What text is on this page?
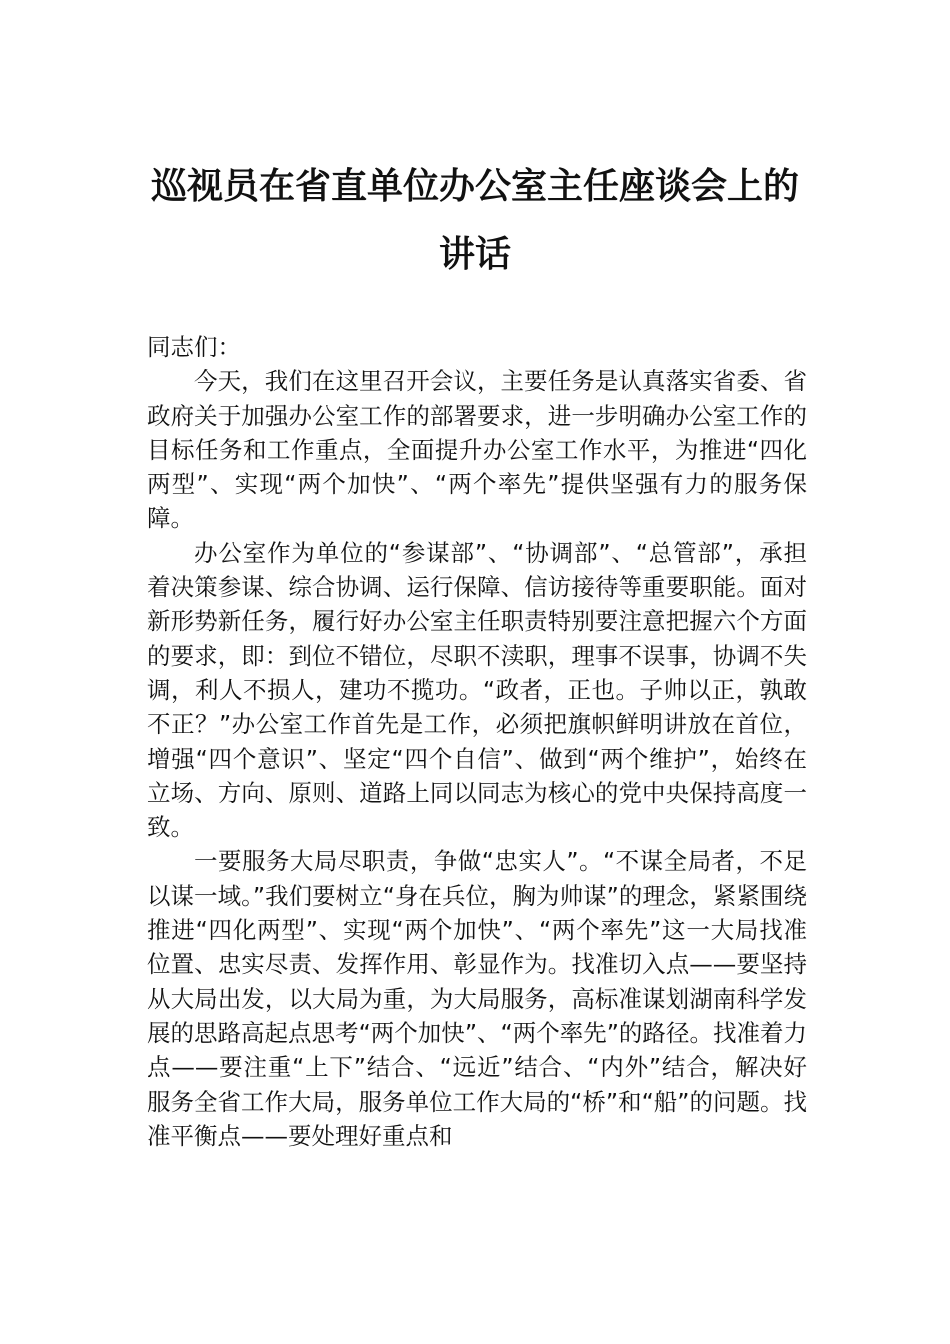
巡视员在省直单位办公室主任座谈会上的
讲话

同志们：

今天，我们在这里召开会议，主要任务是认真落实省委、省政府关于加强办公室工作的部署要求，进一步明确办公室工作的目标任务和工作重点，全面提升办公室工作水平，为推进“四化两型”、实现“两个加快”、“两个率先”提供坚强有力的服务保障。

办公室作为单位的“参谋部”、“协调部”、“总管部”，承担着决策参谋、综合协调、运行保障、信访接待等重要职能。面对新形势新任务，履行好办公室主任职责特别要注意把握六个方面的要求，即：到位不错位，尽职不渎职，理事不误事，协调不失调，利人不损人，建功不揽功。“政者，正也。子帅以正，孰敢不正？”办公室工作首先是工作，必须把旗帜鲜明讲放在首位，增强“四个意识”、坚定“四个自信”、做到“两个维护”，始终在立场、方向、原则、道路上同以同志为核心的党中央保持高度一致。

一要服务大局尽职责，争做“忠实人”。“不谋全局者，不足以谋一域。”我们要树立“身在兵位，胸为帅谋”的理念，紧紧围绕推进“四化两型”、实现“两个加快”、“两个率先”这一大局找准位置、忠实尽责、发挥作用、彰显作为。找准切入点——要坚持从大局出发，以大局为重，为大局服务，高标准谋划湖南科学发展的思路高起点思考“两个加快”、“两个率先”的路径。找准着力点——要注重“上下”结合、“远近”结合、“内外”结合，解决好服务全省工作大局，服务单位工作大局的“桥”和“船”的问题。找准平衡点——要处理好重点和
